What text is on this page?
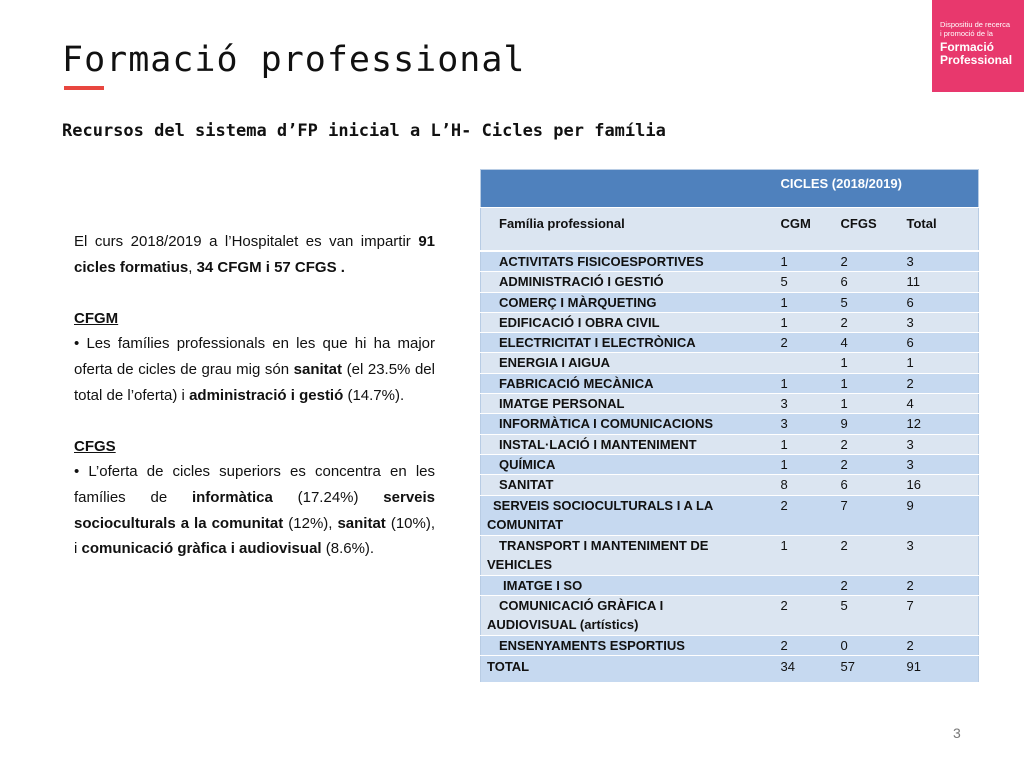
Formació professional
Recursos del sistema d’FP inicial a L’H- Cicles per família
Dispositiu de recerca
i promoció de la
Formació
Professional

El curs 2018/2019 a l’Hospitalet es van impartir 91 cicles formatius, 34 CFGM i 57 CFGS .

CFGM

• Les famílies professionals en les que hi ha major oferta de cicles de grau mig són sanitat (el 23.5% del total de l’oferta) i administració i gestió (14.7%).

CFGS

• L’oferta de cicles superiors es concentra en les famílies de informàtica (17.24%) serveis socioculturals a la comunitat (12%), sanitat (10%), i comunicació gràfica i audiovisual (8.6%).

	CICLES (2018/2019)		
Família professional	CGM	CFGS	Total
ACTIVITATS FISICOESPORTIVES	1	2	3
ADMINISTRACIÓ I GESTIÓ	5	6	11
COMERÇ I MÀRQUETING	1	5	6
EDIFICACIÓ I OBRA CIVIL	1	2	3
ELECTRICITAT I ELECTRÒNICA	2	4	6
ENERGIA I AIGUA		1	1
FABRICACIÓ MECÀNICA	1	1	2
IMATGE PERSONAL	3	1	4
INFORMÀTICA I COMUNICACIONS	3	9	12
INSTAL·LACIÓ I MANTENIMENT	1	2	3
QUÍMICA	1	2	3
SANITAT	8	6	16
SERVEIS SOCIOCULTURALS I A LA
COMUNITAT	2	7	9
TRANSPORT I MANTENIMENT DE
VEHICLES	1	2	3
IMATGE I SO		2	2
COMUNICACIÓ GRÀFICA I
AUDIOVISUAL (artístics)	2	5	7
ENSENYAMENTS ESPORTIUS	2	0	2
TOTAL	34	57	91
3
